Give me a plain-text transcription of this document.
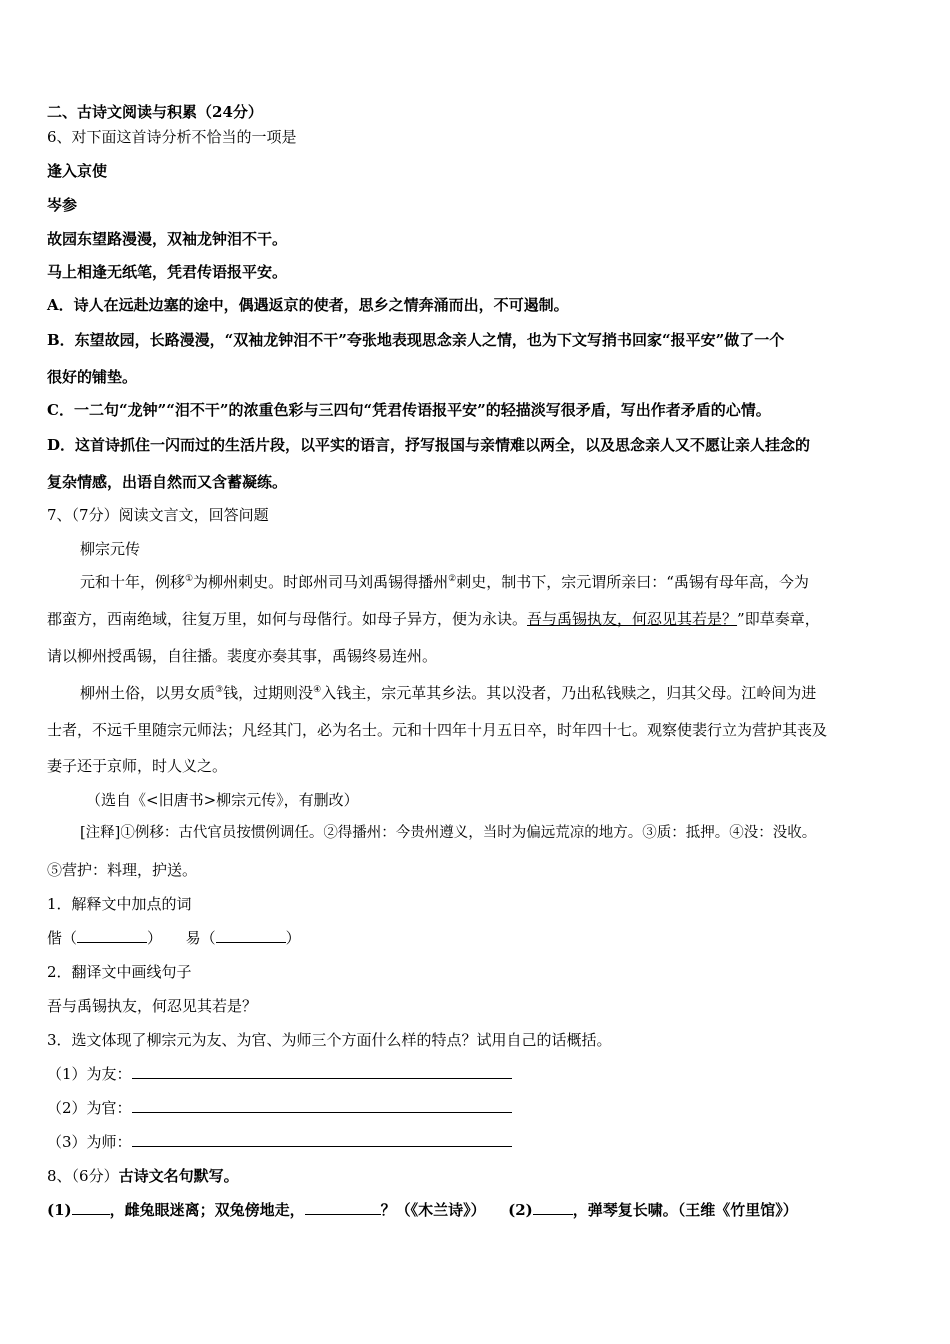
二、古诗文阅读与积累（24分）
6、对下面这首诗分析不恰当的一项是
逢入京使
岑参
故园东望路漫漫，双袖龙钟泪不干。
马上相逢无纸笔，凭君传语报平安。
A．诗人在远赴边塞的途中，偶遇返京的使者，思乡之情奔涌而出，不可遏制。
B．东望故园，长路漫漫，“双袖龙钟泪不干”夸张地表现思念亲人之情，也为下文写捎书回家“报平安”做了一个
很好的铺垫。
C．一二句“龙钟”“泪不干”的浓重色彩与三四句“凭君传语报平安”的轻描淡写很矛盾，写出作者矛盾的心情。
D．这首诗抓住一闪而过的生活片段，以平实的语言，抒写报国与亲情难以两全，以及思念亲人又不愿让亲人挂念的
复杂情感，出语自然而又含蓄凝练。
7、（7分）阅读文言文，回答问题
柳宗元传
元和十年，例移①为柳州刺史。时郎州司马刘禹锡得播州②刺史，制书下，宗元谓所亲曰：“禹锡有母年高，今为
郡蛮方，西南绝域，往复万里，如何与母偕行。如母子异方，便为永诀。吾与禹锡执友，何忍见其若是？”即草奏章，
请以柳州授禹锡，自往播。裴度亦奏其事，禹锡终易连州。
柳州土俗，以男女质③钱，过期则没④入钱主，宗元革其乡法。其以没者，乃出私钱赎之，归其父母。江岭间为进
士者，不远千里随宗元师法；凡经其门，必为名士。元和十四年十月五日卒，时年四十七。观察使裴行立为营护其丧及
妻子还于京师，时人义之。
（选自《<旧唐书>柳宗元传》，有删改）
[注释]①例移：古代官员按惯例调任。②得播州：今贵州遵义，当时为偏远荒凉的地方。③质：抵押。④没：没收。
⑤营护：料理，护送。
1．解释文中加点的词
偕（	） 易（	）
2．翻译文中画线句子
吾与禹锡执友，何忍见其若是？
3．选文体现了柳宗元为友、为官、为师三个方面什么样的特点？试用自己的话概括。
（1）为友：
（2）为官：
（3）为师：
8、（6分）古诗文名句默写。
(1)	，雌兔眼迷离；双兔傍地走，	？（《木兰诗》） (2)	，弹琴复长啸。（王维《竹里馆》）
